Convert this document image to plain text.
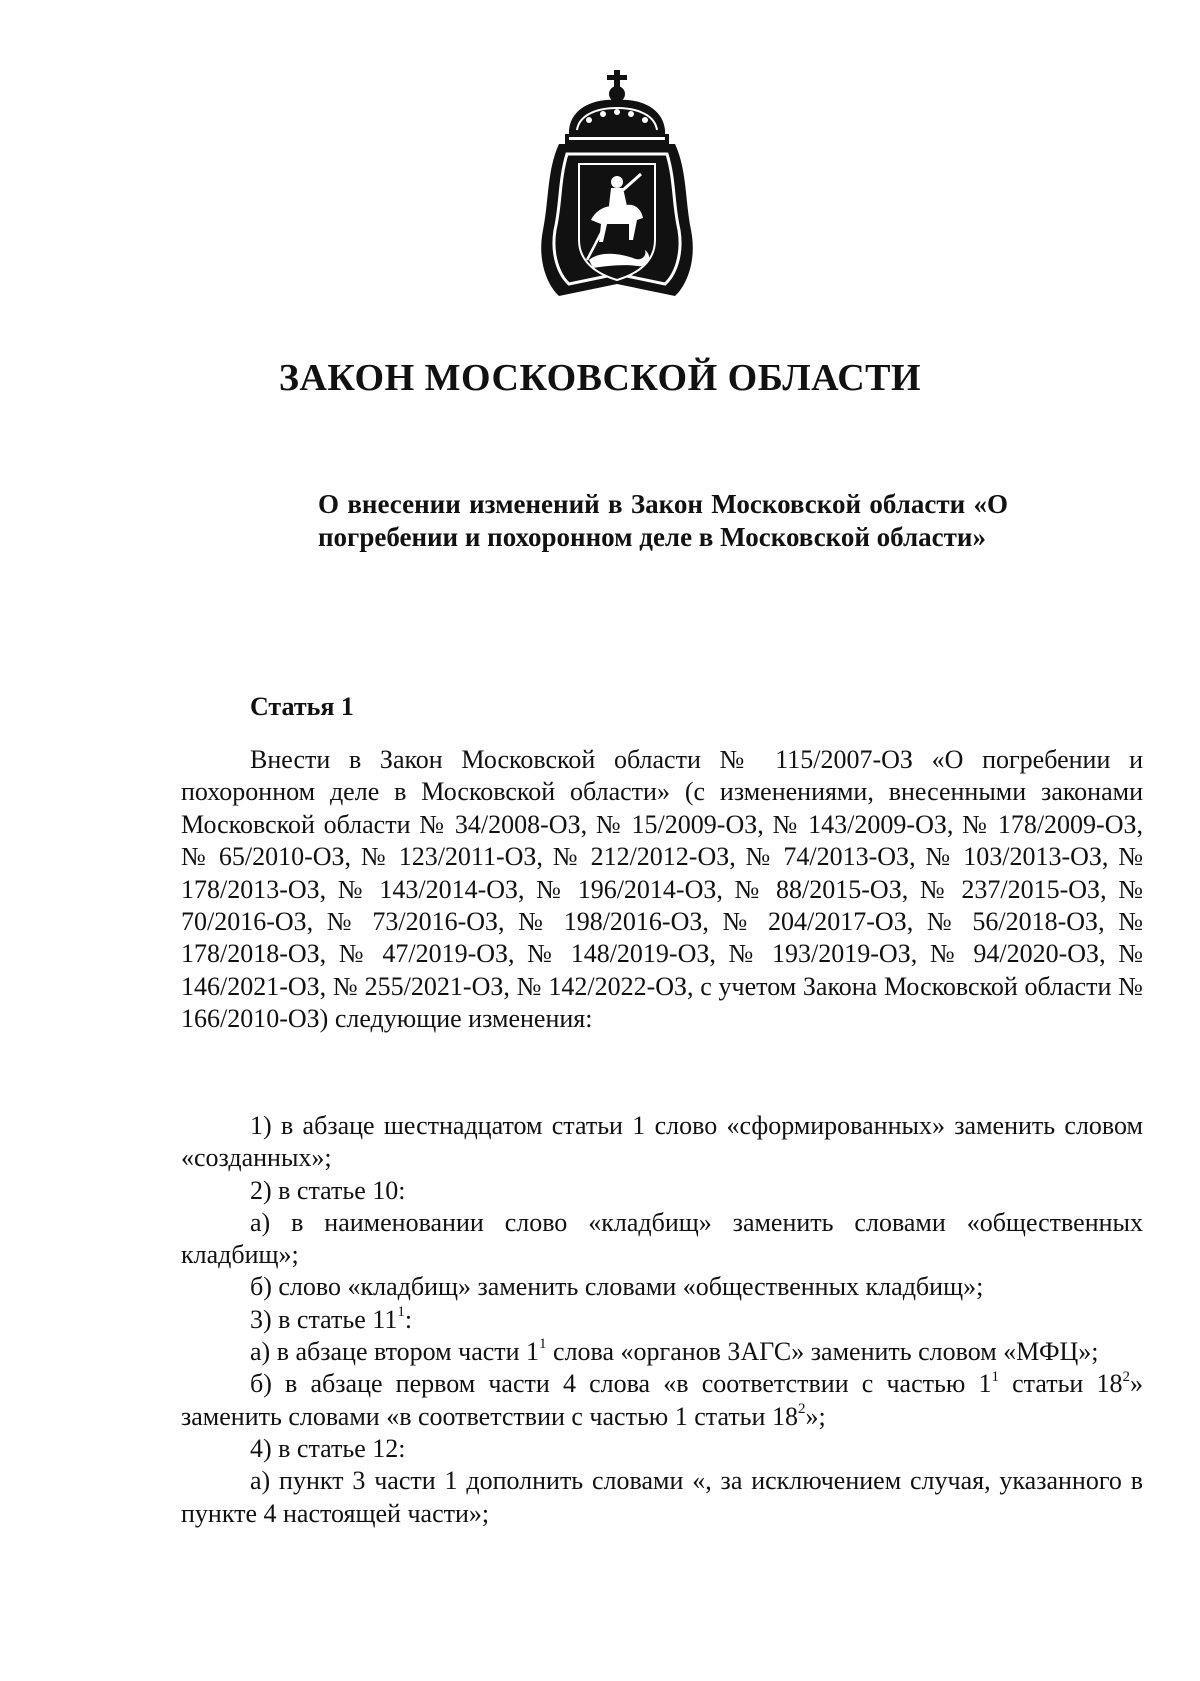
ЗАКОН МОСКОВСКОЙ ОБЛАСТИ

О внесении изменений в Закон Московской области «О погребении и похоронном деле в Московской области»

Статья 1

Внести в Закон Московской области № 115/2007-ОЗ «О погребении и похоронном деле в Московской области» (с изменениями, внесенными законами Московской области № 34/2008-ОЗ, № 15/2009-ОЗ, № 143/2009-ОЗ, № 178/2009-ОЗ, № 65/2010-ОЗ, № 123/2011-ОЗ, № 212/2012-ОЗ, № 74/2013-ОЗ, № 103/2013-ОЗ, № 178/2013-ОЗ, № 143/2014-ОЗ, № 196/2014-ОЗ, № 88/2015-ОЗ, № 237/2015-ОЗ, № 70/2016-ОЗ, № 73/2016-ОЗ, № 198/2016-ОЗ, № 204/2017-ОЗ, № 56/2018-ОЗ, № 178/2018-ОЗ, № 47/2019-ОЗ, № 148/2019-ОЗ, № 193/2019-ОЗ, № 94/2020-ОЗ, № 146/2021-ОЗ, № 255/2021-ОЗ, № 142/2022-ОЗ, с учетом Закона Московской области № 166/2010-ОЗ) следующие изменения:

1) в абзаце шестнадцатом статьи 1 слово «сформированных» заменить словом «созданных»;

2) в статье 10:

а) в наименовании слово «кладбищ» заменить словами «общественных кладбищ»;

б) слово «кладбищ» заменить словами «общественных кладбищ»;

3) в статье $11^1$:

а) в абзаце втором части $1^1$ слова «органов ЗАГС» заменить словом «МФЦ»;

б) в абзаце первом части 4 слова «в соответствии с частью $1^1$ статьи $18^2$» заменить словами «в соответствии с частью 1 статьи $18^2$»;

4) в статье 12:

а) пункт 3 части 1 дополнить словами «, за исключением случая, указанного в пункте 4 настоящей части»;
